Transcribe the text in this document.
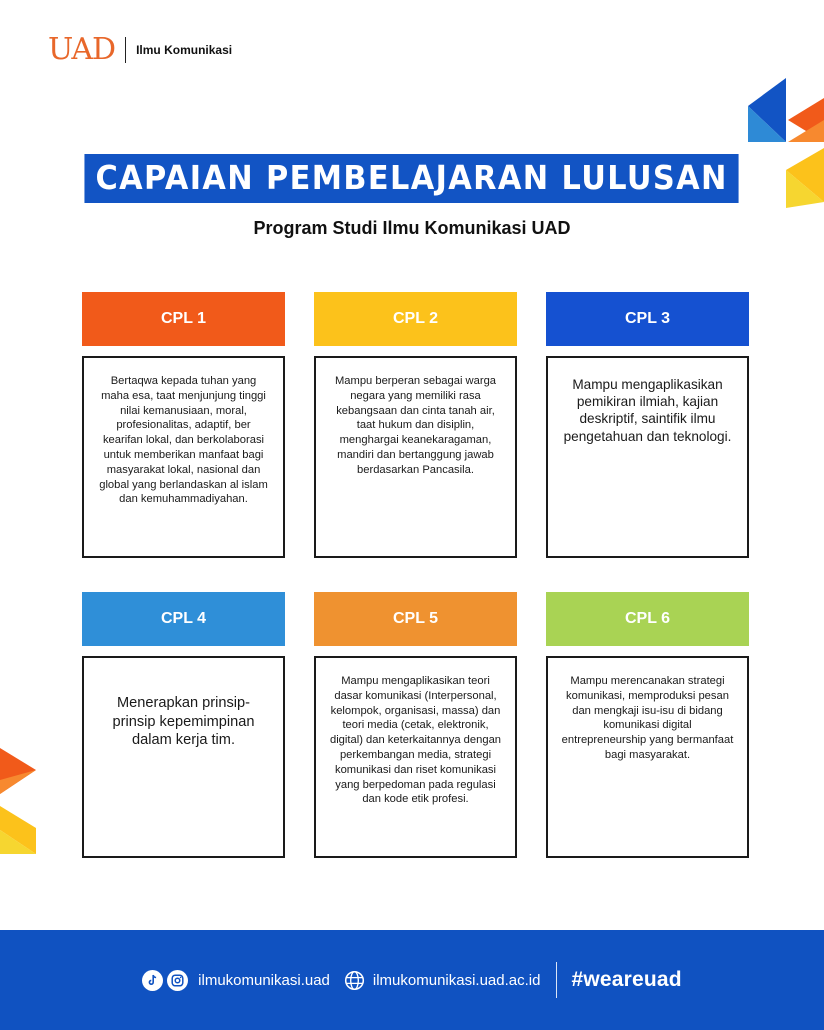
UAD Ilmu Komunikasi
CAPAIAN PEMBELAJARAN LULUSAN
Program Studi Ilmu Komunikasi UAD
CPL 1
Bertaqwa kepada tuhan yang maha esa, taat menjunjung tinggi nilai kemanusiaan, moral, profesionalitas, adaptif, ber kearifan lokal, dan berkolaborasi untuk memberikan manfaat bagi masyarakat lokal, nasional dan global yang berlandaskan al islam dan kemuhammadiyahan.
CPL 2
Mampu berperan sebagai warga negara yang memiliki rasa kebangsaan dan cinta tanah air, taat hukum dan disiplin, menghargai keanekaragaman, mandiri dan bertanggung jawab berdasarkan Pancasila.
CPL 3
Mampu mengaplikasikan pemikiran ilmiah, kajian deskriptif, saintifik ilmu pengetahuan dan teknologi.
CPL 4
Menerapkan prinsip-prinsip kepemimpinan dalam kerja tim.
CPL 5
Mampu mengaplikasikan teori dasar komunikasi (Interpersonal, kelompok, organisasi, massa) dan teori media (cetak, elektronik, digital) dan keterkaitannya dengan perkembangan media, strategi komunikasi dan riset komunikasi yang berpedoman pada regulasi dan kode etik profesi.
CPL 6
Mampu merencanakan strategi komunikasi, memproduksi pesan dan mengkaji isu-isu di bidang komunikasi digital entrepreneurship yang bermanfaat bagi masyarakat.
ilmukomunikasi.uad	ilmukomunikasi.uad.ac.id #weareuad
